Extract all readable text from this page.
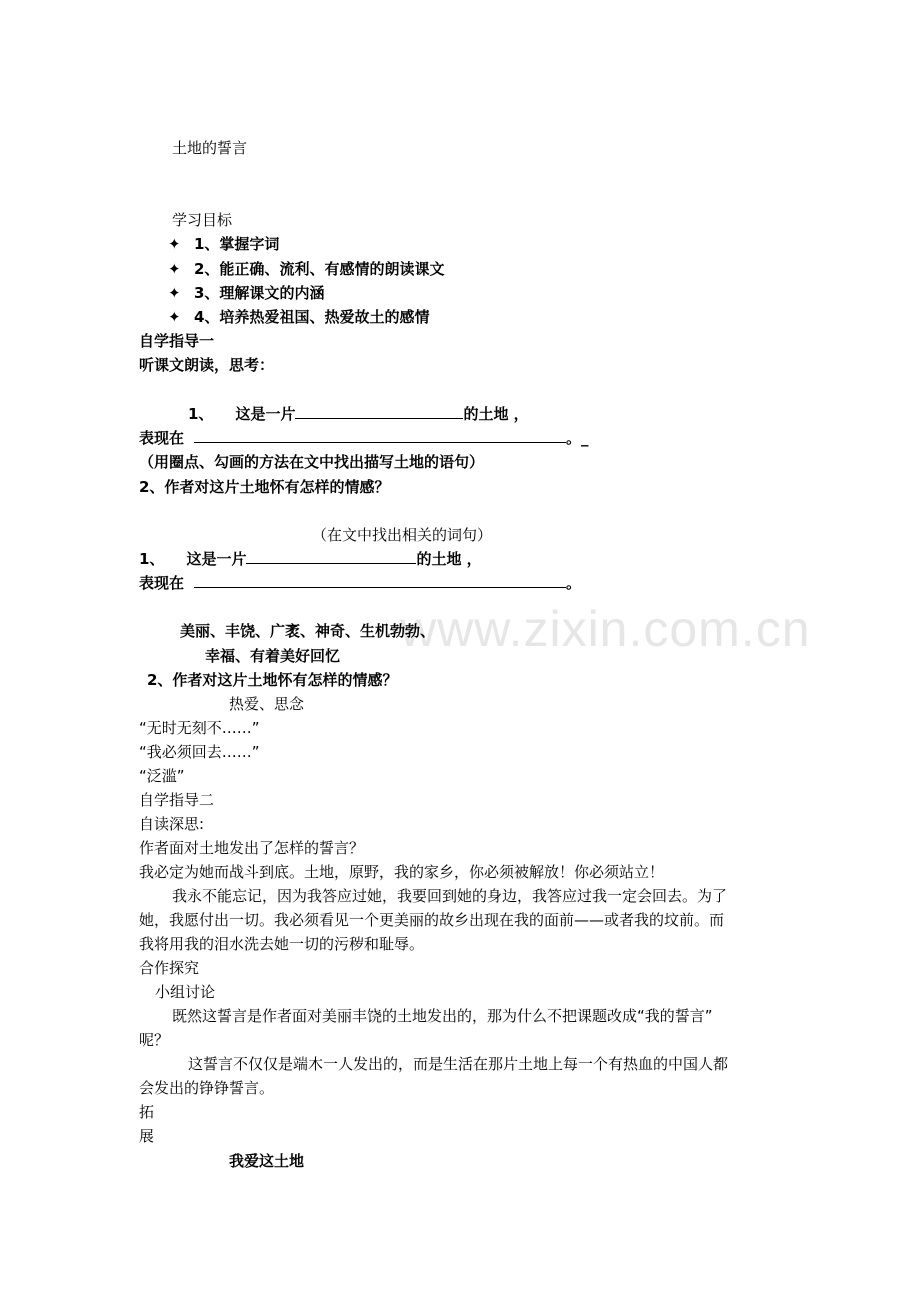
www.zixin.com.cn
土地的誓言
学习目标
✦ 1、掌握字词
✦ 2、能正确、流利、有感情的朗读课文
✦ 3、理解课文的内涵
✦ 4、培养热爱祖国、热爱故土的感情
自学指导一
听课文朗读，思考：
1、 这是一片	的土地 ，
表现在	。_
（用圈点、勾画的方法在文中找出描写土地的语句）
2、作者对这片土地怀有怎样的情感？
（在文中找出相关的词句）
1、 这是一片	的土地 ，
表现在	。
美丽、丰饶、广袤、神奇、生机勃勃、
幸福、有着美好回忆
2、作者对这片土地怀有怎样的情感？
热爱、思念
“无时无刻不……”
“我必须回去……”
“泛滥”
自学指导二
自读深思:
作者面对土地发出了怎样的誓言？
我必定为她而战斗到底。土地，原野，我的家乡，你必须被解放！你必须站立！
我永不能忘记，因为我答应过她，我要回到她的身边，我答应过我一定会回去。为了
她，我愿付出一切。我必须看见一个更美丽的故乡出现在我的面前——或者我的坟前。而
我将用我的泪水洗去她一切的污秽和耻辱。
合作探究
小组讨论
既然这誓言是作者面对美丽丰饶的土地发出的，那为什么不把课题改成“我的誓言”
呢？
这誓言不仅仅是端木一人发出的，而是生活在那片土地上每一个有热血的中国人都
会发出的铮铮誓言。
拓
展
我爱这土地
